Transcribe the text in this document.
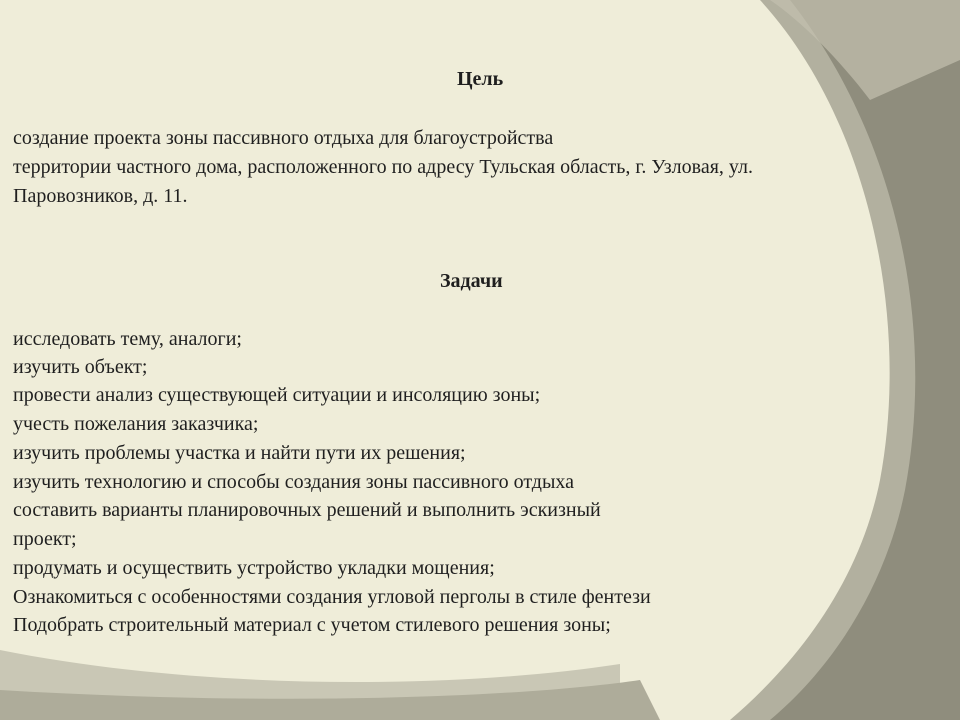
Цель
создание проекта зоны пассивного отдыха для благоустройства
территории частного дома, расположенного по адресу Тульская область, г. Узловая, ул.
Паровозников, д. 11.
Задачи
исследовать тему, аналоги;
изучить объект;
провести анализ существующей ситуации и инсоляцию зоны;
учесть пожелания заказчика;
изучить проблемы участка и найти пути их решения;
изучить технологию и способы создания зоны пассивного отдыха
составить варианты планировочных решений и выполнить эскизный
проект;
продумать и осуществить устройство укладки мощения;
Ознакомиться с особенностями создания угловой перголы в стиле фентези
Подобрать строительный материал с учетом стилевого решения зоны;
